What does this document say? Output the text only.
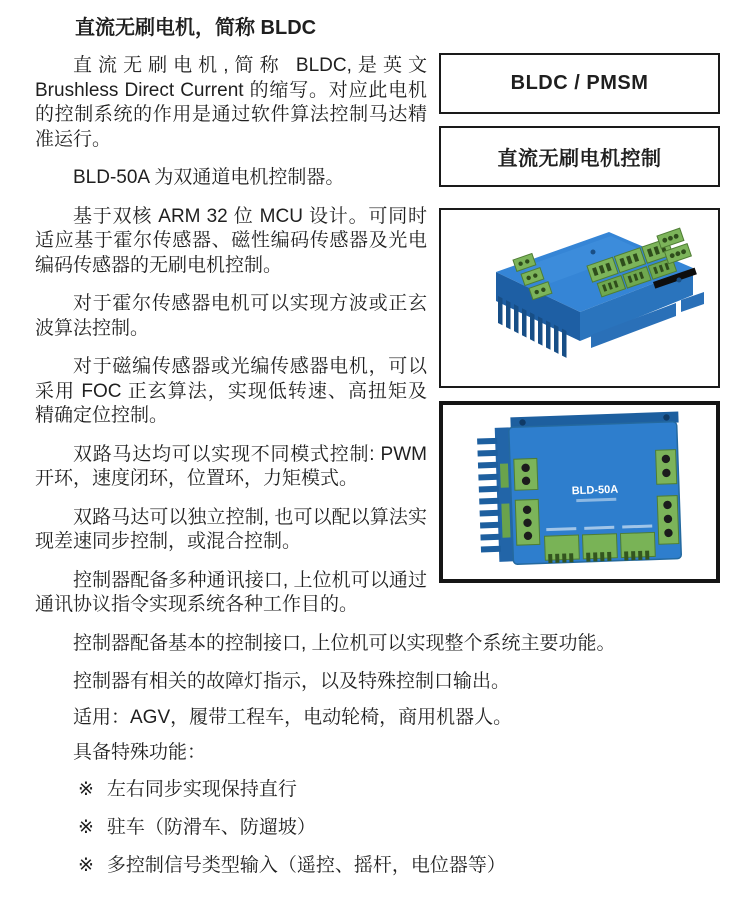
BLDC / PMSM
直流无刷电机控制
BLD-50A
直流无刷电机，简称 BLDC

直流无刷电机,简称 BLDC,是英文 Brushless Direct Current 的缩写。对应此电机的控制系统的作用是通过软件算法控制马达精准运行。

BLD-50A 为双通道电机控制器。

基于双核 ARM 32 位 MCU 设计。可同时适应基于霍尔传感器、磁性编码传感器及光电编码传感器的无刷电机控制。

对于霍尔传感器电机可以实现方波或正玄波算法控制。

对于磁编传感器或光编传感器电机，可以采用 FOC 正玄算法，实现低转速、高扭矩及精确定位控制。

双路马达均可以实现不同模式控制: PWM 开环，速度闭环，位置环，力矩模式。

双路马达可以独立控制, 也可以配以算法实现差速同步控制，或混合控制。

控制器配备多种通讯接口, 上位机可以通过通讯协议指令实现系统各种工作目的。

控制器配备基本的控制接口, 上位机可以实现整个系统主要功能。

控制器有相关的故障灯指示，以及特殊控制口输出。

适用：AGV，履带工程车，电动轮椅，商用机器人。

具备特殊功能：

※ 左右同步实现保持直行
※ 驻车（防滑车、防遛坡）
※ 多控制信号类型输入（遥控、摇杆，电位器等）
